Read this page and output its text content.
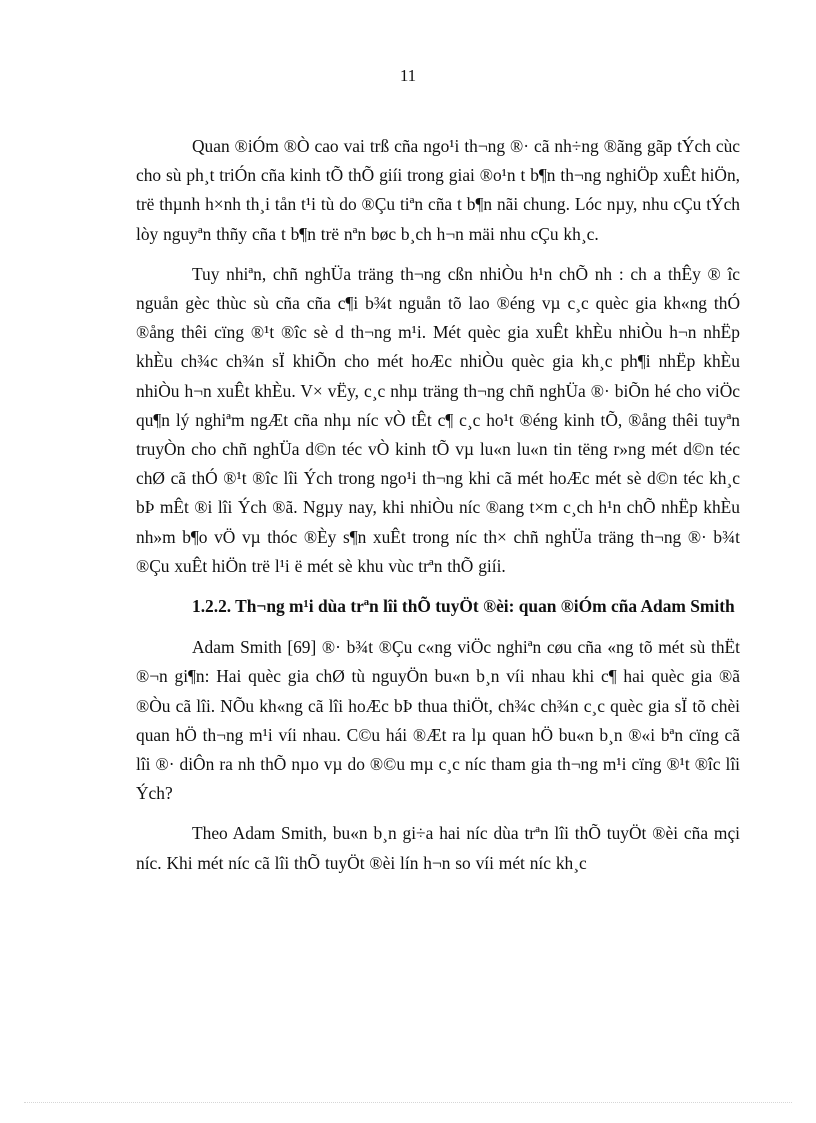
11

Quan ®iÓm ®Ò cao vai trß cña ngo¹i th¬ng ®· cã nh÷ng ®ãng gãp tÝch cùc cho sù ph¸t triÓn cña kinh tÕ thÕ giíi trong giai ®o¹n t b¶n th¬ng nghiÖp xuÊt hiÖn, trë thµnh h×nh th¸i tån t¹i tù do ®Çu tiªn cña t b¶n nãi chung. Lóc nµy, nhu cÇu tÝch lòy nguyªn thñy cña t b¶n trë nªn bøc b¸ch h¬n mäi nhu cÇu kh¸c.

Tuy nhiªn, chñ nghÜa träng th¬ng cßn nhiÒu h¹n chÕ nh : ch a thÊy ® îc nguån gèc thùc sù cña cña c¶i b¾t nguån tõ lao ®éng vµ c¸c quèc gia kh«ng thÓ ®ång thêi cïng ®¹t ®îc sè d th¬ng m¹i. Mét quèc gia xuÊt khÈu nhiÒu h¬n nhËp khÈu ch¾c ch¾n sÏ khiÕn cho mét hoÆc nhiÒu quèc gia kh¸c ph¶i nhËp khÈu nhiÒu h¬n xuÊt khÈu. V× vËy, c¸c nhµ träng th¬ng chñ nghÜa ®· biÕn hé cho viÖc qu¶n lý nghiªm ngÆt cña nhµ níc vÒ tÊt c¶ c¸c ho¹t ®éng kinh tÕ, ®ång thêi tuyªn truyÒn cho chñ nghÜa d©n téc vÒ kinh tÕ vµ lu«n lu«n tin tëng r»ng mét d©n téc chØ cã thÓ ®¹t ®îc lîi Ých trong ngo¹i th¬ng khi cã mét hoÆc mét sè d©n téc kh¸c bÞ mÊt ®i lîi Ých ®ã. Ngµy nay, khi nhiÒu níc ®ang t×m c¸ch h¹n chÕ nhËp khÈu nh»m b¶o vÖ vµ thóc ®Èy s¶n xuÊt trong níc th× chñ nghÜa träng th¬ng ®· b¾t ®Çu xuÊt hiÖn trë l¹i ë mét sè khu vùc trªn thÕ giíi.

1.2.2. Th¬ng m¹i dùa trªn lîi thÕ tuyÖt ®èi: quan ®iÓm cña Adam Smith

Adam Smith [69] ®· b¾t ®Çu c«ng viÖc nghiªn cøu cña «ng tõ mét sù thËt ®¬n gi¶n: Hai quèc gia chØ tù nguyÖn bu«n b¸n víi nhau khi c¶ hai quèc gia ®ã ®Òu cã lîi. NÕu kh«ng cã lîi hoÆc bÞ thua thiÖt, ch¾c ch¾n c¸c quèc gia sÏ tõ chèi quan hÖ th¬ng m¹i víi nhau. C©u hái ®Æt ra lµ quan hÖ bu«n b¸n ®«i bªn cïng cã lîi ®· diÔn ra nh thÕ nµo vµ do ®©u mµ c¸c níc tham gia th¬ng m¹i cïng ®¹t ®îc lîi Ých?

Theo Adam Smith, bu«n b¸n gi÷a hai níc dùa trªn lîi thÕ tuyÖt ®èi cña mçi níc. Khi mét níc cã lîi thÕ tuyÖt ®èi lín h¬n so víi mét níc kh¸c
